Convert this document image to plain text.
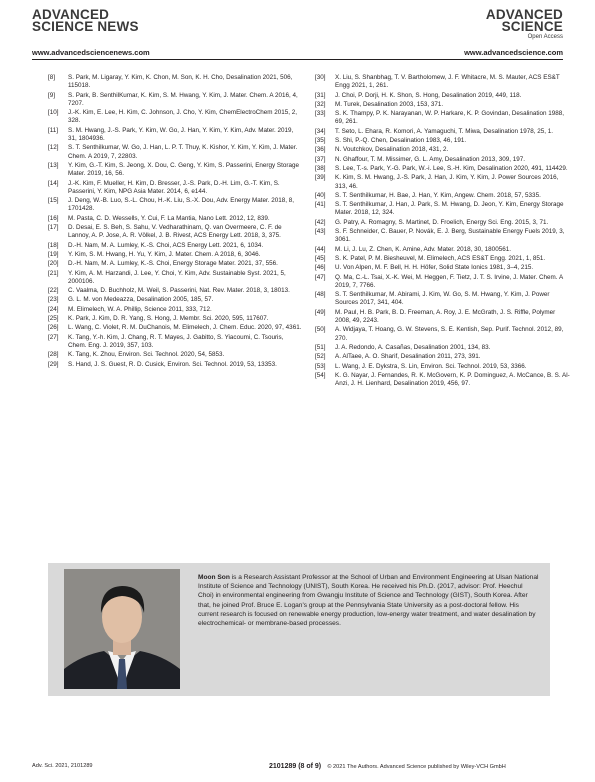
ADVANCED
SCIENCE NEWS
ADVANCED
SCIENCE
Open Access
www.advancedsciencenews.com	www.advancedscience.com
[8] S. Park, M. Ligaray, Y. Kim, K. Chon, M. Son, K. H. Cho, Desalination 2021, 506, 115018.
[9] S. Park, B. SenthilKumar, K. Kim, S. M. Hwang, Y. Kim, J. Mater. Chem. A 2016, 4, 7207.
[10] J.-K. Kim, E. Lee, H. Kim, C. Johnson, J. Cho, Y. Kim, ChemElectroChem 2015, 2, 328.
[11] S. M. Hwang, J.-S. Park, Y. Kim, W. Go, J. Han, Y. Kim, Y. Kim, Adv. Mater. 2019, 31, 1804936.
[12] S. T. Senthilkumar, W. Go, J. Han, L. P. T. Thuy, K. Kishor, Y. Kim, Y. Kim, J. Mater. Chem. A 2019, 7, 22803.
[13] Y. Kim, G.-T. Kim, S. Jeong, X. Dou, C. Geng, Y. Kim, S. Passerini, Energy Storage Mater. 2019, 16, 56.
[14] J.-K. Kim, F. Mueller, H. Kim, D. Bresser, J.-S. Park, D.-H. Lim, G.-T. Kim, S. Passerini, Y. Kim, NPG Asia Mater. 2014, 6, e144.
[15] J. Deng, W.-B. Luo, S.-L. Chou, H.-K. Liu, S.-X. Dou, Adv. Energy Mater. 2018, 8, 1701428.
[16] M. Pasta, C. D. Wessells, Y. Cui, F. La Mantia, Nano Lett. 2012, 12, 839.
[17] D. Desai, E. S. Beh, S. Sahu, V. Vedharathinam, Q. van Overmeere, C. F. de Lannoy, A. P. Jose, A. R. Völkel, J. B. Rivest, ACS Energy Lett. 2018, 3, 375.
[18] D.-H. Nam, M. A. Lumley, K.-S. Choi, ACS Energy Lett. 2021, 6, 1034.
[19] Y. Kim, S. M. Hwang, H. Yu, Y. Kim, J. Mater. Chem. A 2018, 6, 3046.
[20] D.-H. Nam, M. A. Lumley, K.-S. Choi, Energy Storage Mater. 2021, 37, 556.
[21] Y. Kim, A. M. Harzandi, J. Lee, Y. Choi, Y. Kim, Adv. Sustainable Syst. 2021, 5, 2000106.
[22] C. Vaalma, D. Buchholz, M. Weil, S. Passerini, Nat. Rev. Mater. 2018, 3, 18013.
[23] G. L. M. von Medeazza, Desalination 2005, 185, 57.
[24] M. Elimelech, W. A. Phillip, Science 2011, 333, 712.
[25] K. Park, J. Kim, D. R. Yang, S. Hong, J. Membr. Sci. 2020, 595, 117607.
[26] L. Wang, C. Violet, R. M. DuChanois, M. Elimelech, J. Chem. Educ. 2020, 97, 4361.
[27] K. Tang, Y.-h. Kim, J. Chang, R. T. Mayes, J. Gabitto, S. Yiacoumi, C. Tsouris, Chem. Eng. J. 2019, 357, 103.
[28] K. Tang, K. Zhou, Environ. Sci. Technol. 2020, 54, 5853.
[29] S. Hand, J. S. Guest, R. D. Cusick, Environ. Sci. Technol. 2019, 53, 13353.
[30] X. Liu, S. Shanbhag, T. V. Bartholomew, J. F. Whitacre, M. S. Mauter, ACS ES&T Engg 2021, 1, 261.
[31] J. Choi, P. Dorji, H. K. Shon, S. Hong, Desalination 2019, 449, 118.
[32] M. Turek, Desalination 2003, 153, 371.
[33] S. K. Thampy, P. K. Narayanan, W. P. Harkare, K. P. Govindan, Desalination 1988, 69, 261.
[34] T. Seto, L. Ehara, R. Komori, A. Yamaguchi, T. Miwa, Desalination 1978, 25, 1.
[35] S. Shi, P.-Q. Chen, Desalination 1983, 46, 191.
[36] N. Voutchkov, Desalination 2018, 431, 2.
[37] N. Ghaffour, T. M. Missimer, G. L. Amy, Desalination 2013, 309, 197.
[38] S. Lee, T.-s. Park, Y.-G. Park, W.-i. Lee, S.-H. Kim, Desalination 2020, 491, 114429.
[39] K. Kim, S. M. Hwang, J.-S. Park, J. Han, J. Kim, Y. Kim, J. Power Sources 2016, 313, 46.
[40] S. T. Senthilkumar, H. Bae, J. Han, Y. Kim, Angew. Chem. 2018, 57, 5335.
[41] S. T. Senthilkumar, J. Han, J. Park, S. M. Hwang, D. Jeon, Y. Kim, Energy Storage Mater. 2018, 12, 324.
[42] G. Patry, A. Romagny, S. Martinet, D. Froelich, Energy Sci. Eng. 2015, 3, 71.
[43] S. F. Schneider, C. Bauer, P. Novák, E. J. Berg, Sustainable Energy Fuels 2019, 3, 3061.
[44] M. Li, J. Lu, Z. Chen, K. Amine, Adv. Mater. 2018, 30, 1800561.
[45] S. K. Patel, P. M. Biesheuvel, M. Elimelech, ACS ES&T Engg. 2021, 1, 851.
[46] U. Von Alpen, M. F. Bell, H. H. Höfer, Solid State Ionics 1981, 3–4, 215.
[47] Q. Ma, C.-L. Tsai, X.-K. Wei, M. Heggen, F. Tietz, J. T. S. Irvine, J. Mater. Chem. A 2019, 7, 7766.
[48] S. T. Senthilkumar, M. Abirami, J. Kim, W. Go, S. M. Hwang, Y. Kim, J. Power Sources 2017, 341, 404.
[49] M. Paul, H. B. Park, B. D. Freeman, A. Roy, J. E. McGrath, J. S. Riffle, Polymer 2008, 49, 2243.
[50] A. Widjaya, T. Hoang, G. W. Stevens, S. E. Kentish, Sep. Purif. Technol. 2012, 89, 270.
[51] J. A. Redondo, A. Casañas, Desalination 2001, 134, 83.
[52] A. AlTaee, A. O. Sharif, Desalination 2011, 273, 391.
[53] L. Wang, J. E. Dykstra, S. Lin, Environ. Sci. Technol. 2019, 53, 3366.
[54] K. G. Nayar, J. Fernandes, R. K. McGovern, K. P. Dominguez, A. McCance, B. S. Al-Anzi, J. H. Lienhard, Desalination 2019, 456, 97.
Moon Son is a Research Assistant Professor at the School of Urban and Environment Engineering at Ulsan National Institute of Science and Technology (UNIST), South Korea. He received his Ph.D. (2017, advisor: Prof. Heechul Choi) in environmental engineering from Gwangju Institute of Science and Technology (GIST), South Korea. After that, he joined Prof. Bruce E. Logan's group at the Pennsylvania State University as a post-doctoral fellow. His current research is focused on renewable energy production, low-energy water treatment, and water desalination by electrochemical- or membrane-based processes.
Adv. Sci. 2021, 2101289	2101289 (8 of 9) © 2021 The Authors. Advanced Science published by Wiley-VCH GmbH
